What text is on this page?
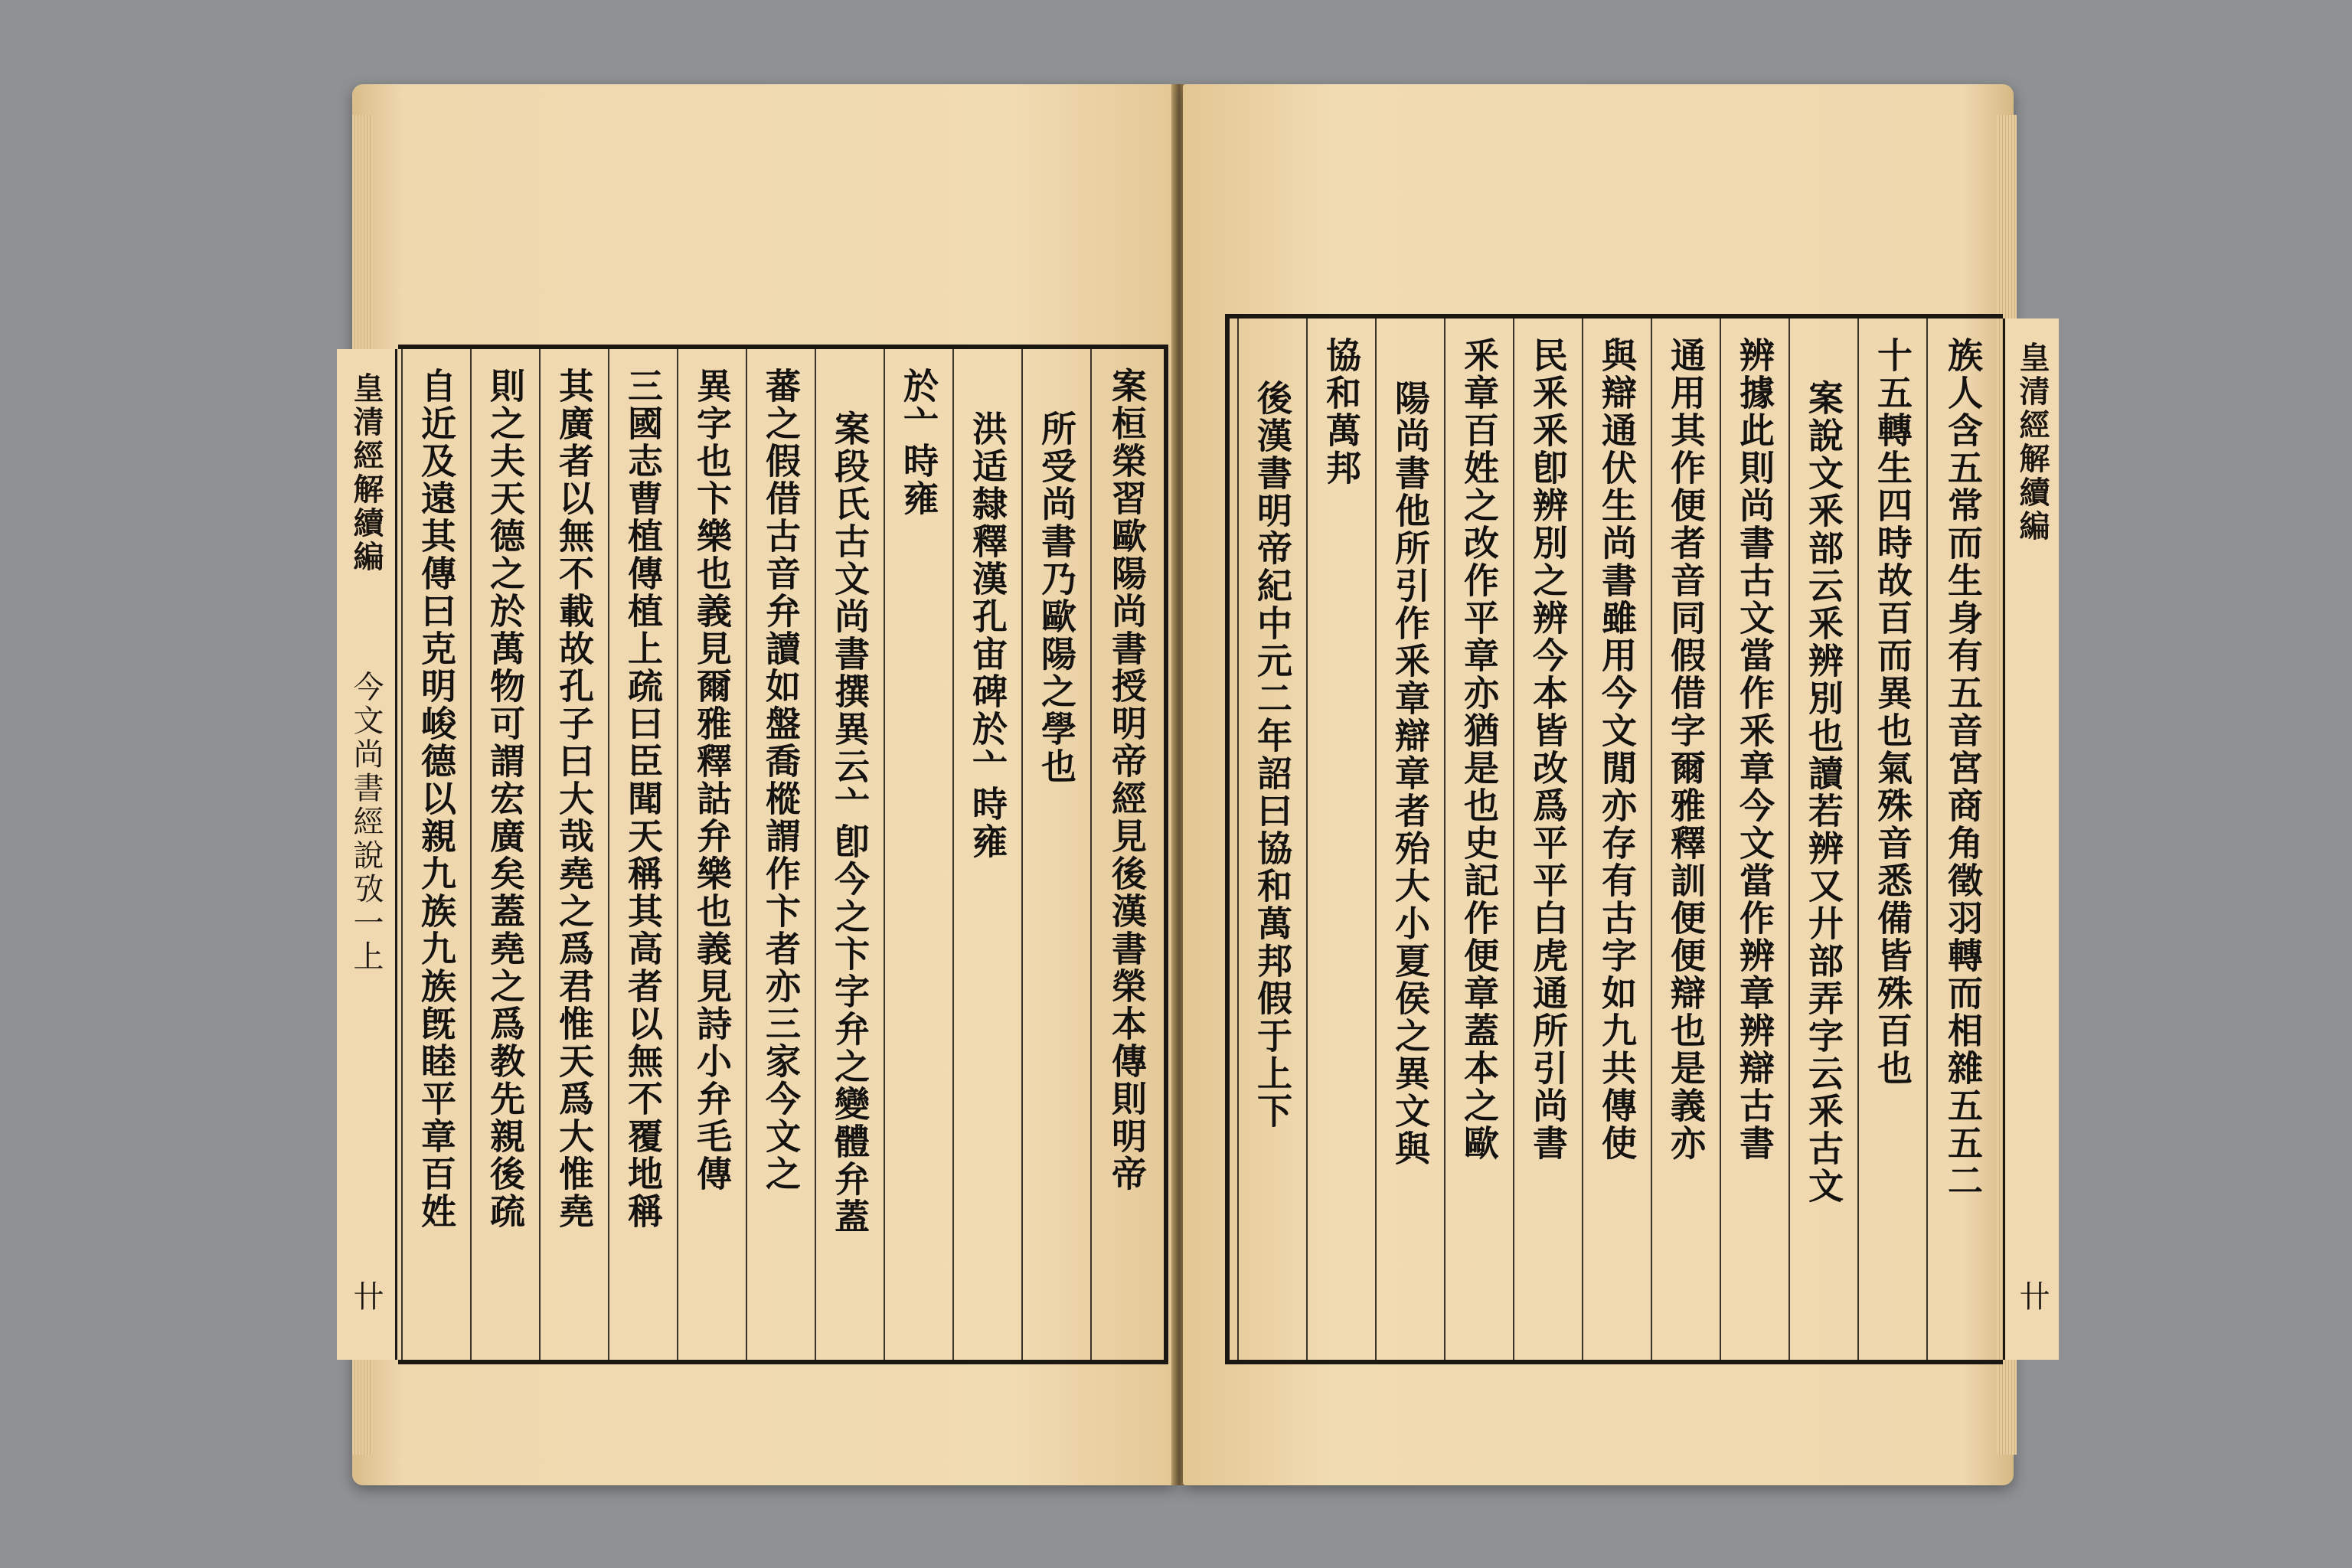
案桓榮習歐陽尚書授明帝經見後漢書榮本傳則明帝
所受尚書乃歐陽之學也
洪适隸釋漢孔宙碑於亠時雍
於亠時雍
案段氏古文尚書撰異云亠卽今之卞字弁之變體弁蓋
蕃之假借古音弁讀如盤喬樅謂作卞者亦三家今文之
異字也卞樂也義見爾雅釋詁弁樂也義見詩小弁毛傳
三國志曹植傳植上疏曰臣聞天稱其高者以無不覆地稱
其廣者以無不載故孔子曰大哉堯之爲君惟天爲大惟堯
則之夫天德之於萬物可謂宏廣矣蓋堯之爲教先親後疏
自近及遠其傳曰克明峻德以親九族九族旣睦平章百姓
皇清經解續編
今文尚書經說攷一上
卄
族人含五常而生身有五音宮商角徵羽轉而相雜五五二
十五轉生四時故百而異也氣殊音悉備皆殊百也
案說文釆部云釆辨別也讀若辨又廾部弄字云釆古文
辨據此則尚書古文當作釆章今文當作辨章辨辯古書
通用其作便者音同假借字爾雅釋訓便便辯也是義亦
與辯通伏生尚書雖用今文閒亦存有古字如九共傳使
民釆釆卽辨別之辨今本皆改爲平平白虎通所引尚書
釆章百姓之改作平章亦猶是也史記作便章蓋本之歐
陽尚書他所引作釆章辯章者殆大小夏侯之異文與
協和萬邦
後漢書明帝紀中元二年詔曰協和萬邦假于上下	皇清經解續編
卄
